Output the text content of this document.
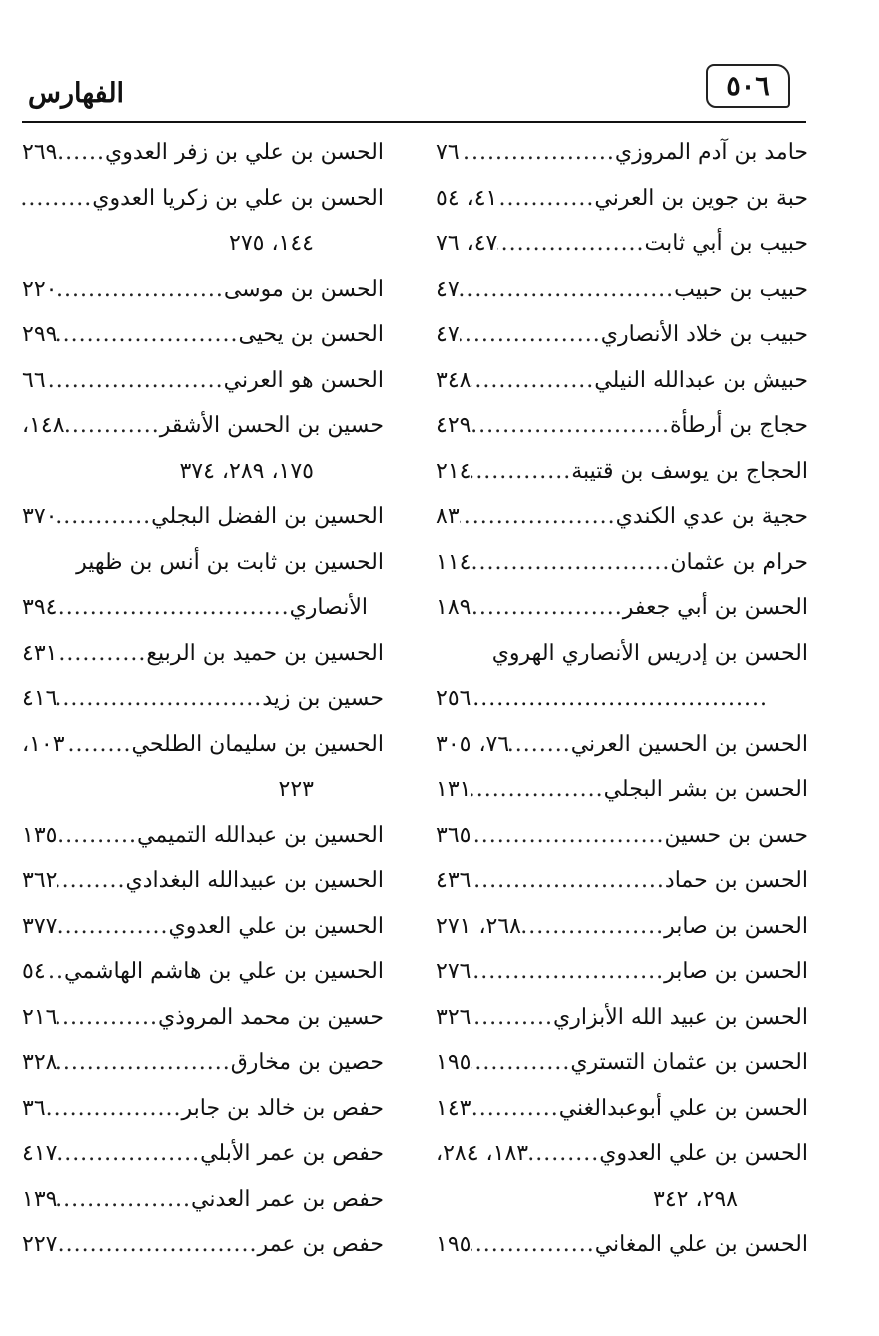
الفهارس	٥٠٦
حامد بن آدم المروزي
.....
٧٦
حبة بن جوين بن العرني
.....
٤١، ٥٤
حبيب بن أبي ثابت
.....
٤٧، ٧٦
حبيب بن حبيب
.....
٤٧
حبيب بن خلاد الأنصاري
.....
٤٧
حبيش بن عبدالله النيلي
.....
٣٤٨
حجاج بن أرطأة
.....
٤٢٩
الحجاج بن يوسف بن قتيبة
.....
٢١٤
حجية بن عدي الكندي
.....
٨٣
حرام بن عثمان
.....
١١٤
الحسن بن أبي جعفر
.....
١٨٩
الحسن بن إدريس الأنصاري الهروي
.....
٢٥٦
الحسن بن الحسين العرني
.....
٧٦، ٣٠٥
الحسن بن بشر البجلي
.....
١٣١
حسن بن حسين
.....
٣٦٥
الحسن بن حماد
.....
٤٣٦
الحسن بن صابر
.....
٢٦٨، ٢٧١
الحسن بن صابر
.....
٢٧٦
الحسن بن عبيد الله الأبزاري
.....
٣٢٦
الحسن بن عثمان التستري
.....
١٩٥
الحسن بن علي أبوعبدالغني
.....
١٤٣
الحسن بن علي العدوي
.....
١٨٣، ٢٨٤،
٢٩٨، ٣٤٢
الحسن بن علي المغاني
.....
١٩٥
الحسن بن علي بن زفر العدوي
.....
٢٦٩
الحسن بن علي بن زكريا العدوي
.....
١٤٤، ٢٧٥
الحسن بن موسى
.....
٢٢٠
الحسن بن يحيى
.....
٢٩٩
الحسن هو العرني
.....
٦٦
حسين بن الحسن الأشقر
.....
١٤٨،
١٧٥، ٢٨٩، ٣٧٤
الحسين بن الفضل البجلي
.....
٣٧٠
الحسين بن ثابت بن أنس بن ظهير
الأنصاري
.....
٣٩٤
الحسين بن حميد بن الربيع
.....
٤٣١
حسين بن زيد
.....
٤١٦
الحسين بن سليمان الطلحي
.....
١٠٣،
٢٢٣
الحسين بن عبدالله التميمي
.....
١٣٥
الحسين بن عبيدالله البغدادي
.....
٣٦٢
الحسين بن علي العدوي
.....
٣٧٧
الحسين بن علي بن هاشم الهاشمي
.....
٥٤
حسين بن محمد المروذي
.....
٢١٦
حصين بن مخارق
.....
٣٢٨
حفص بن خالد بن جابر
.....
٣٦
حفص بن عمر الأبلي
.....
٤١٧
حفص بن عمر العدني
.....
١٣٩
حفص بن عمر
.....
٢٢٧
